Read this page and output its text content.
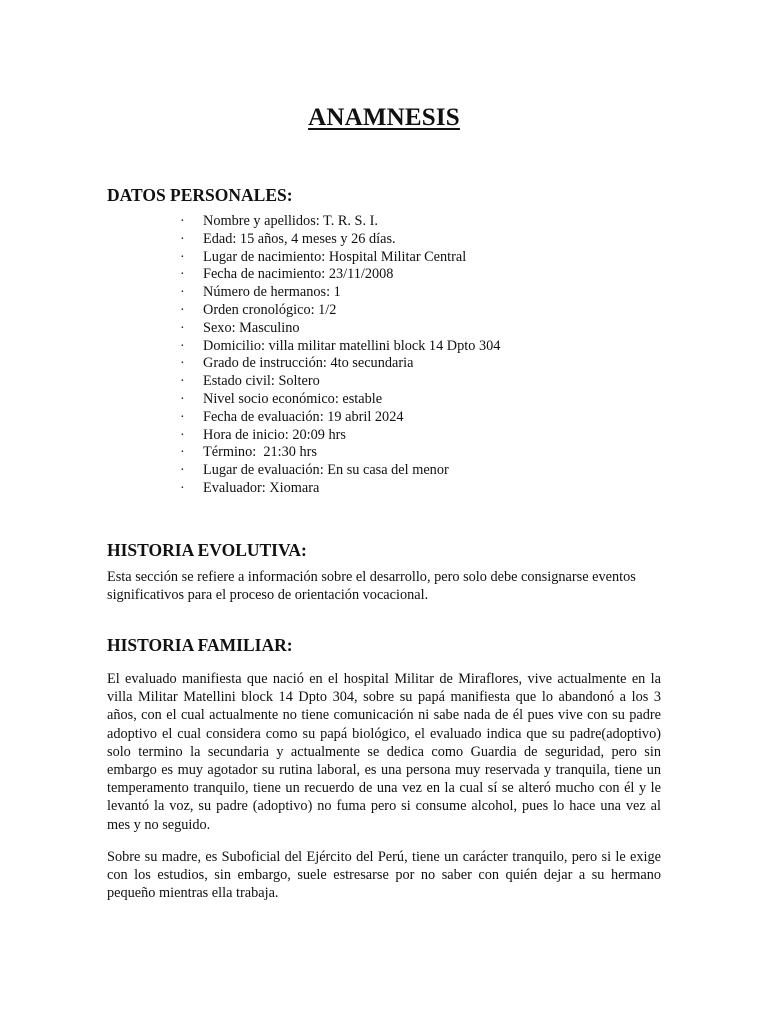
ANAMNESIS
DATOS PERSONALES:
·	Nombre y apellidos: T. R. S. I.
·	Edad: 15 años, 4 meses y 26 días.
·	Lugar de nacimiento: Hospital Militar Central
·	Fecha de nacimiento: 23/11/2008
·	Número de hermanos: 1
·	Orden cronológico: 1/2
·	Sexo: Masculino
·	Domicilio: villa militar matellini block 14 Dpto 304
·	Grado de instrucción: 4to secundaria
·	Estado civil: Soltero
·	Nivel socio económico: estable
·	Fecha de evaluación: 19 abril 2024
·	Hora de inicio: 20:09 hrs
·	Término:  21:30 hrs
·	Lugar de evaluación: En su casa del menor
·	Evaluador: Xiomara
HISTORIA EVOLUTIVA:

Esta sección se refiere a información sobre el desarrollo, pero solo debe consignarse eventos significativos para el proceso de orientación vocacional.

HISTORIA FAMILIAR:

El evaluado manifiesta que nació en el hospital Militar de Miraflores, vive actualmente en la villa Militar Matellini block 14 Dpto 304, sobre su papá manifiesta que lo abandonó a los 3 años, con el cual actualmente no tiene comunicación ni sabe nada de él pues vive con su padre adoptivo el cual considera como su papá biológico, el evaluado indica que su padre(adoptivo) solo termino la secundaria y actualmente se dedica como Guardia de seguridad, pero sin embargo es muy agotador su rutina laboral, es una persona muy reservada y tranquila, tiene un temperamento tranquilo, tiene un recuerdo de una vez en la cual sí se alteró mucho con él y le levantó la voz, su padre (adoptivo) no fuma pero si consume alcohol, pues lo hace una vez al mes y no seguido.

Sobre su madre, es Suboficial del Ejército del Perú, tiene un carácter tranquilo, pero si le exige con los estudios, sin embargo, suele estresarse por no saber con quién dejar a su hermano pequeño mientras ella trabaja.
